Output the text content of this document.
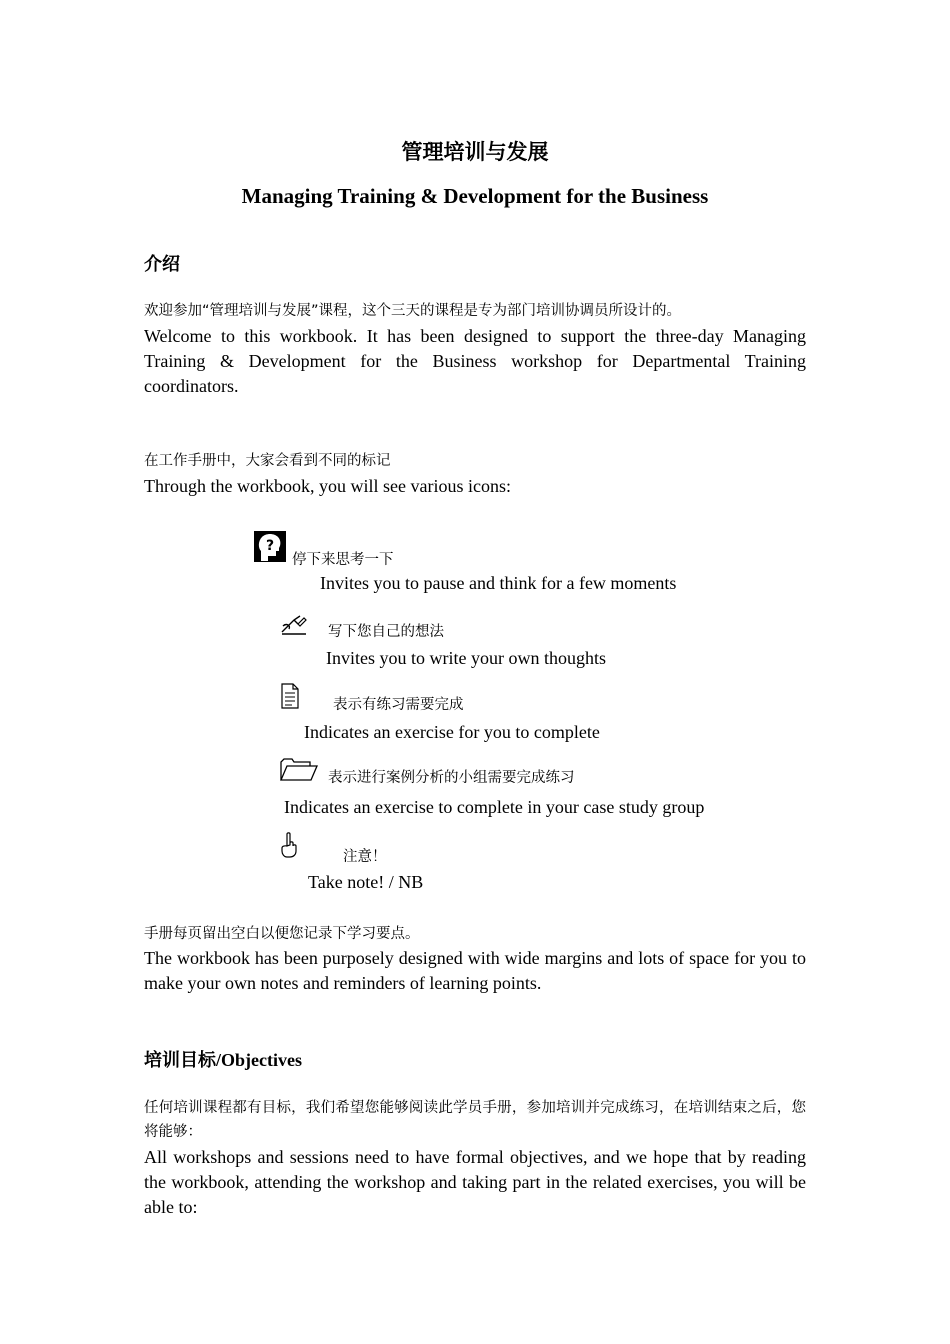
管理培训与发展
Managing Training & Development for the Business
介绍
欢迎参加“管理培训与发展”课程，这个三天的课程是专为部门培训协调员所设计的。
Welcome to this workbook. It has been designed to support the three-day Managing Training & Development for the Business workshop for Departmental Training coordinators.
在工作手册中，大家会看到不同的标记
Through the workbook, you will see various icons:
?
停下来思考一下
Invites you to pause and think for a few moments
写下您自己的想法
Invites you to write your own thoughts
表示有练习需要完成
Indicates an exercise for you to complete
表示进行案例分析的小组需要完成练习
Indicates an exercise to complete in your case study group
注意！
Take note! / NB
手册每页留出空白以便您记录下学习要点。
The workbook has been purposely designed with wide margins and lots of space for you to make your own notes and reminders of learning points.
培训目标/Objectives
任何培训课程都有目标，我们希望您能够阅读此学员手册，参加培训并完成练习，在培训结束之后，您将能够：
All workshops and sessions need to have formal objectives, and we hope that by reading the workbook, attending the workshop and taking part in the related exercises, you will be able to:
